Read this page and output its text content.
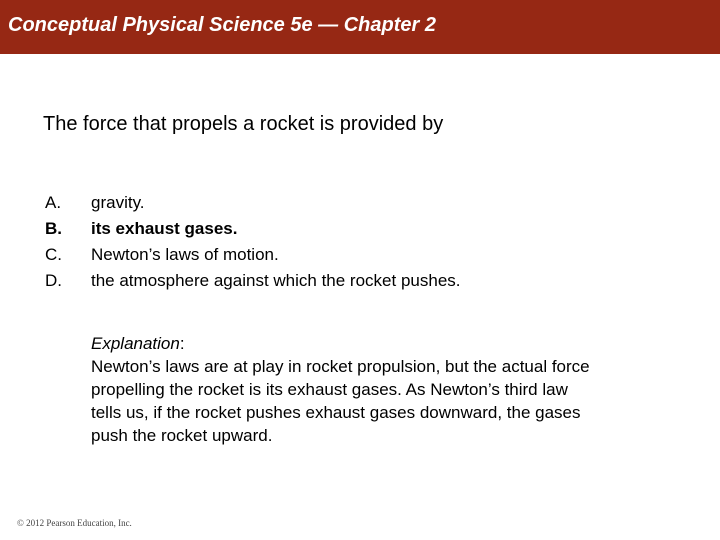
Conceptual Physical Science 5e — Chapter 2
The force that propels a rocket is provided by
A. gravity.
B. its exhaust gases.
C. Newton’s laws of motion.
D. the atmosphere against which the rocket pushes.
Explanation:
Newton’s laws are at play in rocket propulsion, but the actual force
propelling the rocket is its exhaust gases. As Newton’s third law
tells us, if the rocket pushes exhaust gases downward, the gases
push the rocket upward.
© 2012 Pearson Education, Inc.
